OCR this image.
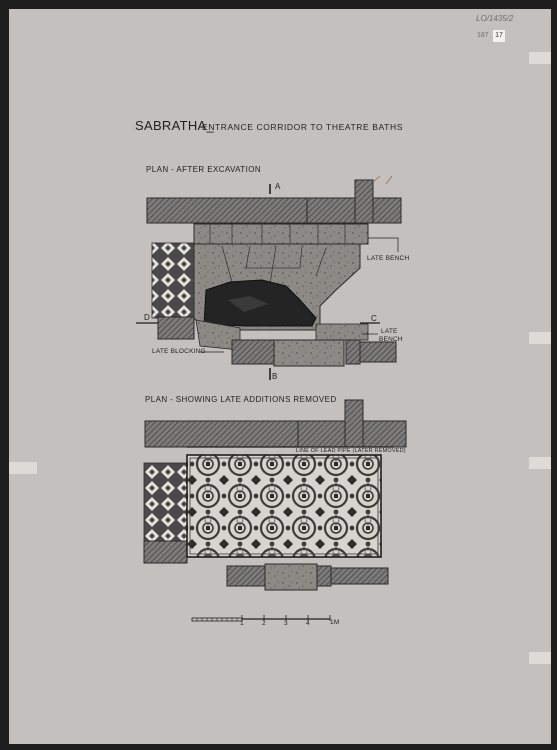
LO/1435/2
187 17
SABRATHA_
ENTRANCE CORRIDOR TO THEATRE BATHS
PLAN - AFTER EXCAVATION
LATE BENCH
LATE
BENCH
LATE BLOCKING
A
B
C
D
PLAN - SHOWING LATE ADDITIONS REMOVED
LINE OF LEAD PIPE (LATER REMOVED)
1	2	3	4	1M
